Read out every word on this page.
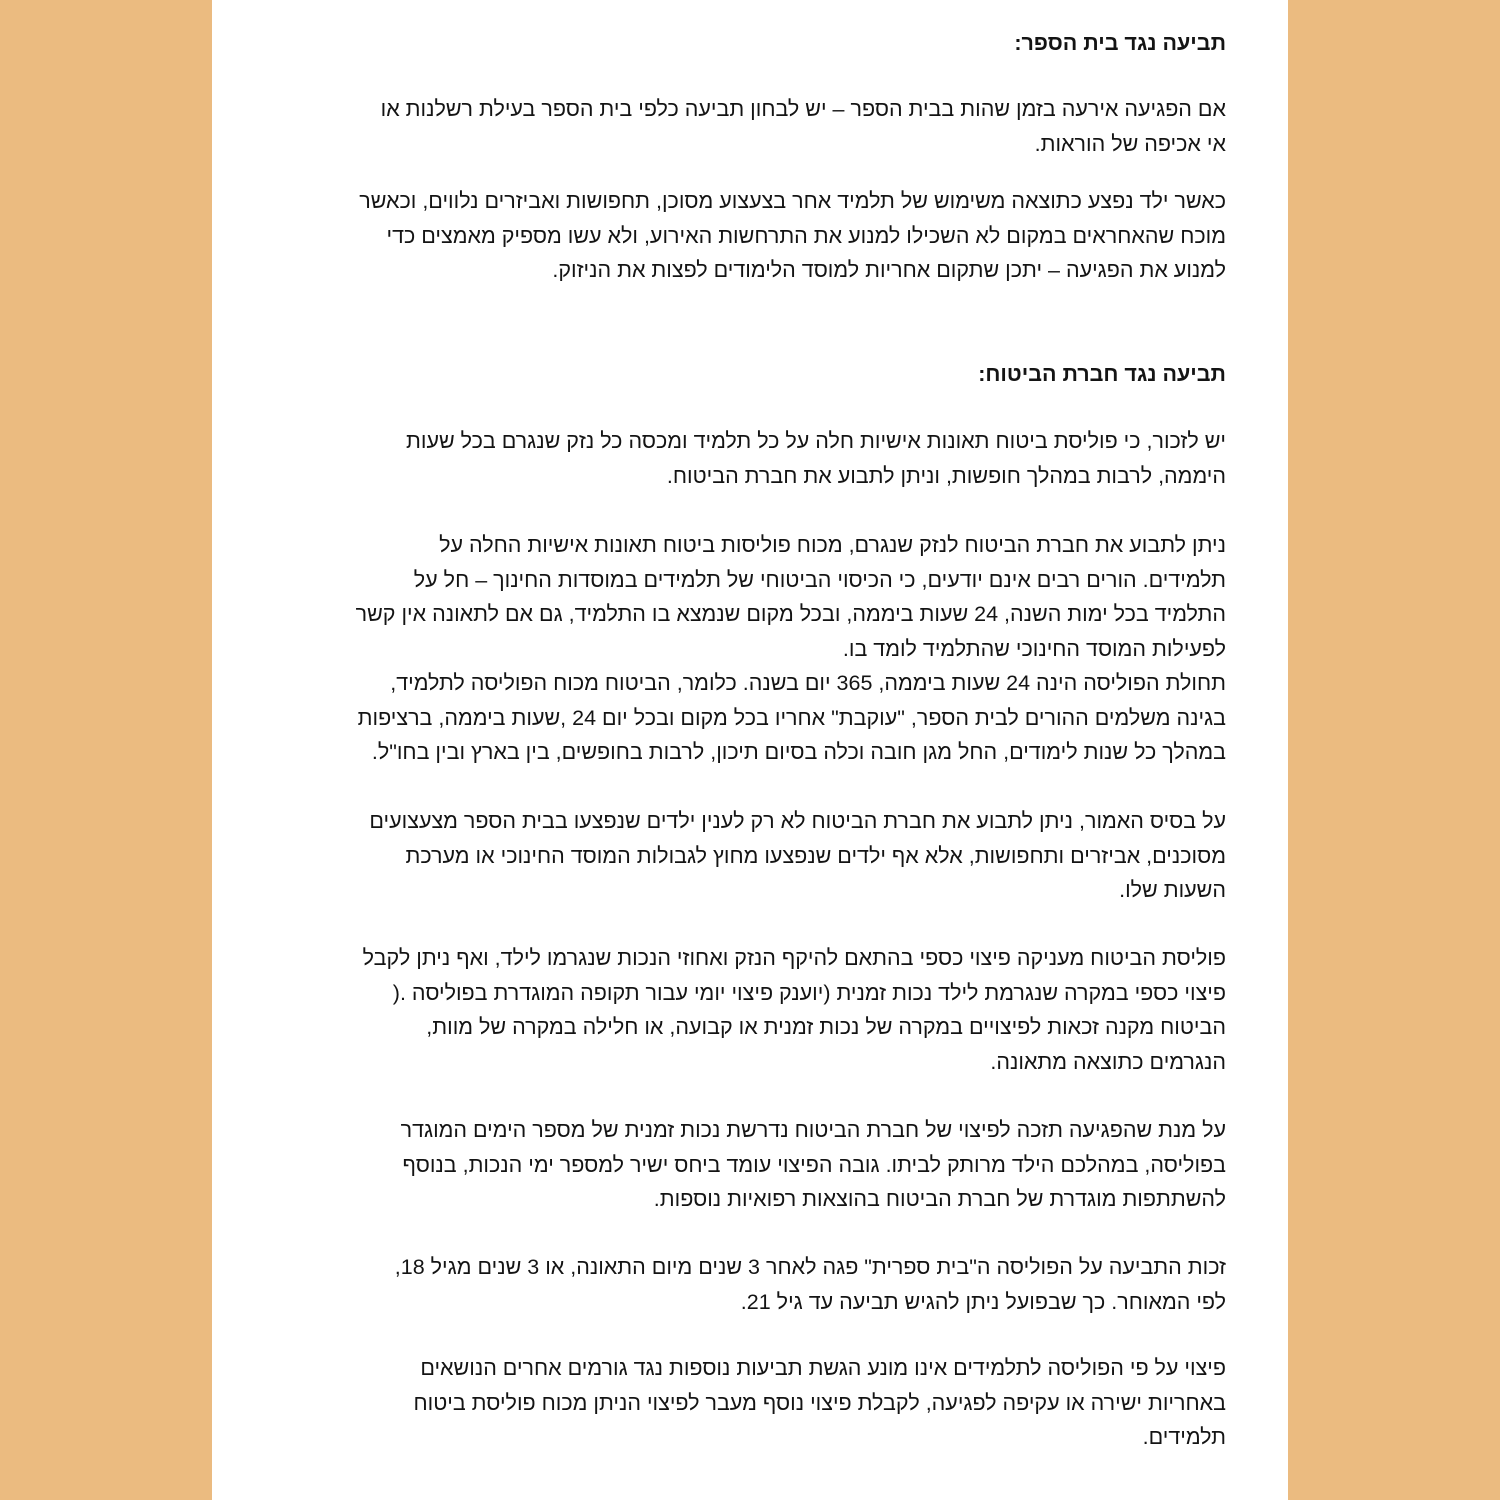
תביעה נגד בית הספר:
אם הפגיעה אירעה בזמן שהות בבית הספר – יש לבחון תביעה כלפי בית הספר בעילת רשלנות או
אי אכיפה של הוראות.
כאשר ילד נפצע כתוצאה משימוש של תלמיד אחר בצעצוע מסוכן, תחפושות ואביזרים נלווים, וכאשר
מוכח שהאחראים במקום לא השכילו למנוע את התרחשות האירוע, ולא עשו מספיק מאמצים כדי
למנוע את הפגיעה – יתכן שתקום אחריות למוסד הלימודים לפצות את הניזוק.
תביעה נגד חברת הביטוח:
יש לזכור, כי פוליסת ביטוח תאונות אישיות חלה על כל תלמיד ומכסה כל נזק שנגרם בכל שעות
היממה, לרבות במהלך חופשות, וניתן לתבוע את חברת הביטוח.
ניתן לתבוע את חברת הביטוח לנזק שנגרם, מכוח פוליסות ביטוח תאונות אישיות החלה על
תלמידים. הורים רבים אינם יודעים, כי הכיסוי הביטוחי של תלמידים במוסדות החינוך – חל על
התלמיד בכל ימות השנה, 24 שעות ביממה, ובכל מקום שנמצא בו התלמיד, גם אם לתאונה אין קשר
לפעילות המוסד החינוכי שהתלמיד לומד בו.
תחולת הפוליסה הינה 24 שעות ביממה, 365 יום בשנה. כלומר, הביטוח מכוח הפוליסה לתלמיד,
בגינה משלמים ההורים לבית הספר, "עוקבת" אחריו בכל מקום ובכל יום 24 ,שעות ביממה, ברציפות
במהלך כל שנות לימודים, החל מגן חובה וכלה בסיום תיכון, לרבות בחופשים, בין בארץ ובין בחו"ל.
על בסיס האמור, ניתן לתבוע את חברת הביטוח לא רק לענין ילדים שנפצעו בבית הספר מצעצועים
מסוכנים, אביזרים ותחפושות, אלא אף ילדים שנפצעו מחוץ לגבולות המוסד החינוכי או מערכת
השעות שלו.
פוליסת הביטוח מעניקה פיצוי כספי בהתאם להיקף הנזק ואחוזי הנכות שנגרמו לילד, ואף ניתן לקבל
פיצוי כספי במקרה שנגרמת לילד נכות זמנית (יוענק פיצוי יומי עבור תקופה המוגדרת בפוליסה .(
הביטוח מקנה זכאות לפיצויים במקרה של נכות זמנית או קבועה, או חלילה במקרה של מוות,
הנגרמים כתוצאה מתאונה.
על מנת שהפגיעה תזכה לפיצוי של חברת הביטוח נדרשת נכות זמנית של מספר הימים המוגדר
בפוליסה, במהלכם הילד מרותק לביתו. גובה הפיצוי עומד ביחס ישיר למספר ימי הנכות, בנוסף
להשתתפות מוגדרת של חברת הביטוח בהוצאות רפואיות נוספות.
זכות התביעה על הפוליסה ה"בית ספרית" פגה לאחר 3 שנים מיום התאונה, או 3 שנים מגיל 18,
לפי המאוחר. כך שבפועל ניתן להגיש תביעה עד גיל 21.
פיצוי על פי הפוליסה לתלמידים אינו מונע הגשת תביעות נוספות נגד גורמים אחרים הנושאים
באחריות ישירה או עקיפה לפגיעה, לקבלת פיצוי נוסף מעבר לפיצוי הניתן מכוח פוליסת ביטוח
תלמידים.
